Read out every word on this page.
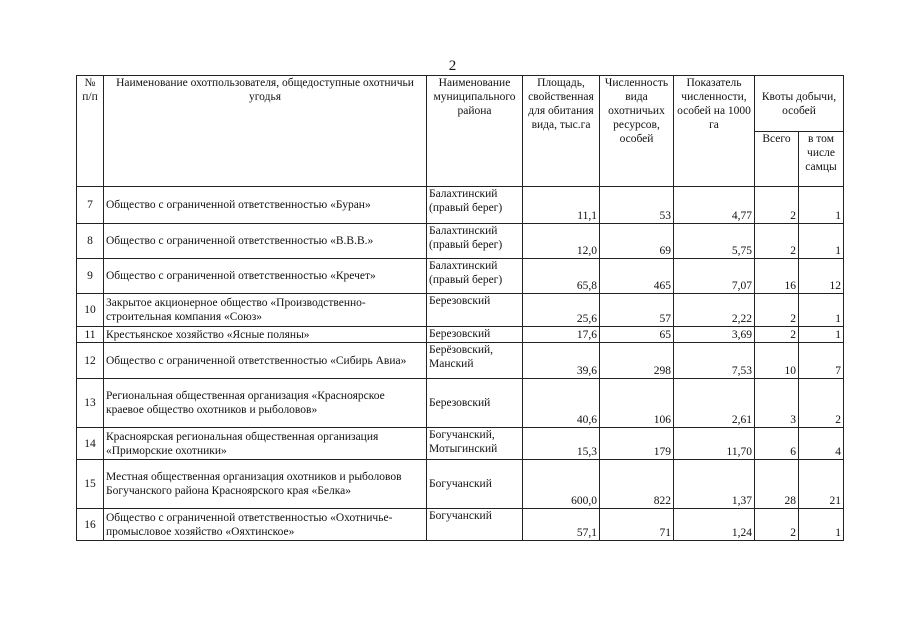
2
№ п/п	Наименование охотпользователя, общедоступные охотничьи угодья	Наименование муниципального района	Площадь, свойственная для обитания вида, тыс.га	Численность вида охотничьих ресурсов, особей	Показатель численности, особей на 1000 га	Квоты добычи, особей	
						Всего	в том числе самцы
7	Общество с ограниченной ответственностью «Буран»	Балахтинский (правый берег)	11,1	53	4,77	2	1
8	Общество с ограниченной ответственностью «В.В.В.»	Балахтинский (правый берег)	12,0	69	5,75	2	1
9	Общество с ограниченной ответственностью «Кречет»	Балахтинский (правый берег)	65,8	465	7,07	16	12
10	Закрытое акционерное общество «Производственно-строительная компания «Союз»	Березовский	25,6	57	2,22	2	1
11	Крестьянское хозяйство «Ясные поляны»	Березовский	17,6	65	3,69	2	1
12	Общество с ограниченной ответственностью «Сибирь Авиа»	Берёзовский, Манский	39,6	298	7,53	10	7
13	Региональная общественная организация «Красноярское краевое общество охотников и рыболовов»	Березовский	40,6	106	2,61	3	2
14	Красноярская региональная общественная организация «Приморские охотники»	Богучанский, Мотыгинский	15,3	179	11,70	6	4
15	Местная общественная организация охотников и рыболовов Богучанского района Красноярского края «Белка»	Богучанский	600,0	822	1,37	28	21
16	Общество с ограниченной ответственностью «Охотничье-промысловое хозяйство «Ояхтинское»	Богучанский	57,1	71	1,24	2	1
